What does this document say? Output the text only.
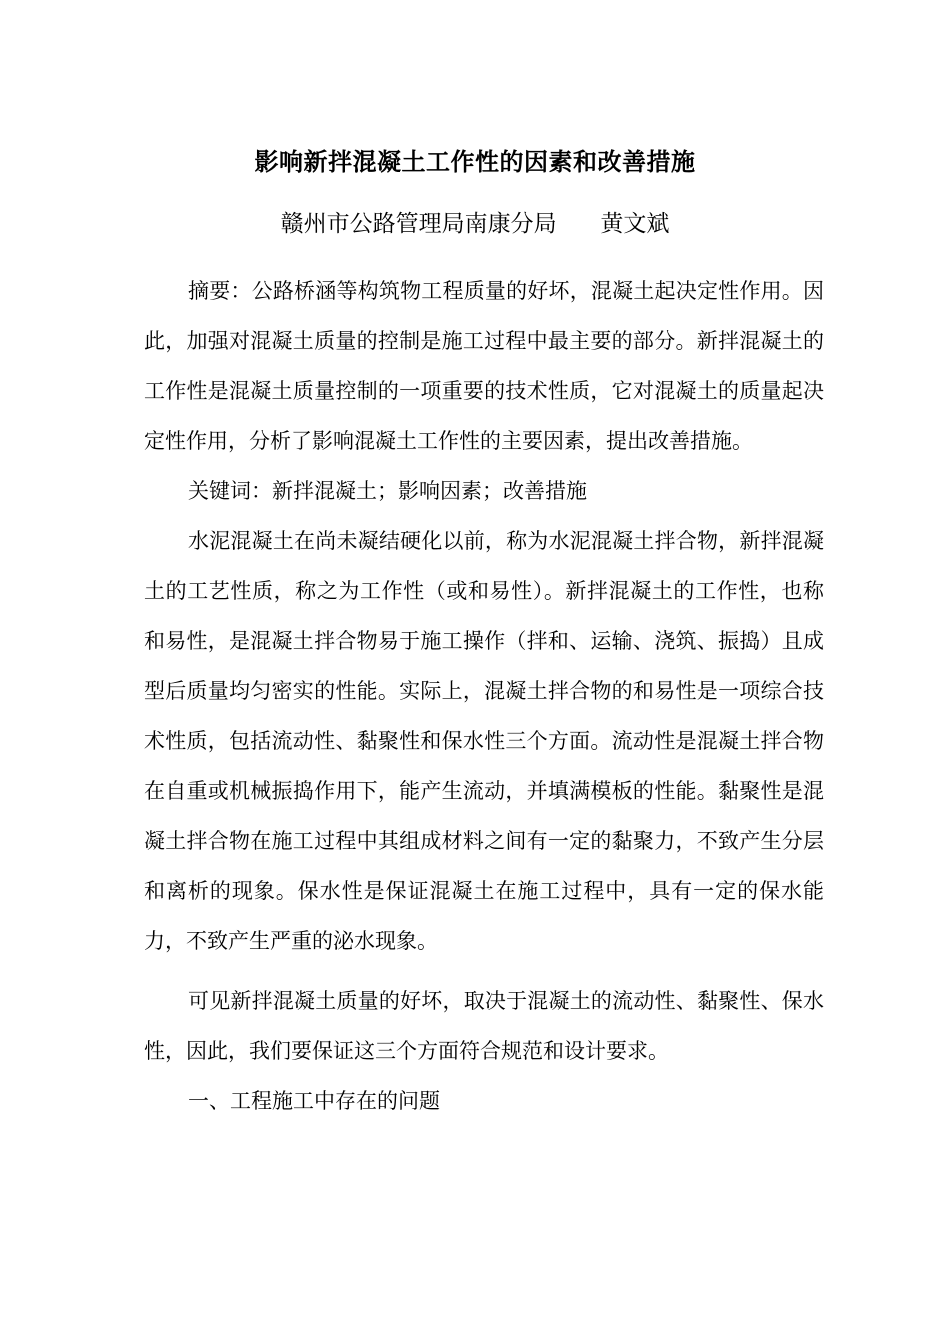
影响新拌混凝土工作性的因素和改善措施
赣州市公路管理局南康分局      黄文斌

摘要：公路桥涵等构筑物工程质量的好坏，混凝土起决定性作用。因此，加强对混凝土质量的控制是施工过程中最主要的部分。新拌混凝土的工作性是混凝土质量控制的一项重要的技术性质，它对混凝土的质量起决定性作用，分析了影响混凝土工作性的主要因素，提出改善措施。

关键词：新拌混凝土；影响因素；改善措施

水泥混凝土在尚未凝结硬化以前，称为水泥混凝土拌合物，新拌混凝土的工艺性质，称之为工作性（或和易性）。新拌混凝土的工作性，也称和易性，是混凝土拌合物易于施工操作（拌和、运输、浇筑、振捣）且成型后质量均匀密实的性能。实际上，混凝土拌合物的和易性是一项综合技术性质，包括流动性、黏聚性和保水性三个方面。流动性是混凝土拌合物在自重或机械振捣作用下，能产生流动，并填满模板的性能。黏聚性是混凝土拌合物在施工过程中其组成材料之间有一定的黏聚力，不致产生分层和离析的现象。保水性是保证混凝土在施工过程中，具有一定的保水能力，不致产生严重的泌水现象。

可见新拌混凝土质量的好坏，取决于混凝土的流动性、黏聚性、保水性，因此，我们要保证这三个方面符合规范和设计要求。

一、工程施工中存在的问题
